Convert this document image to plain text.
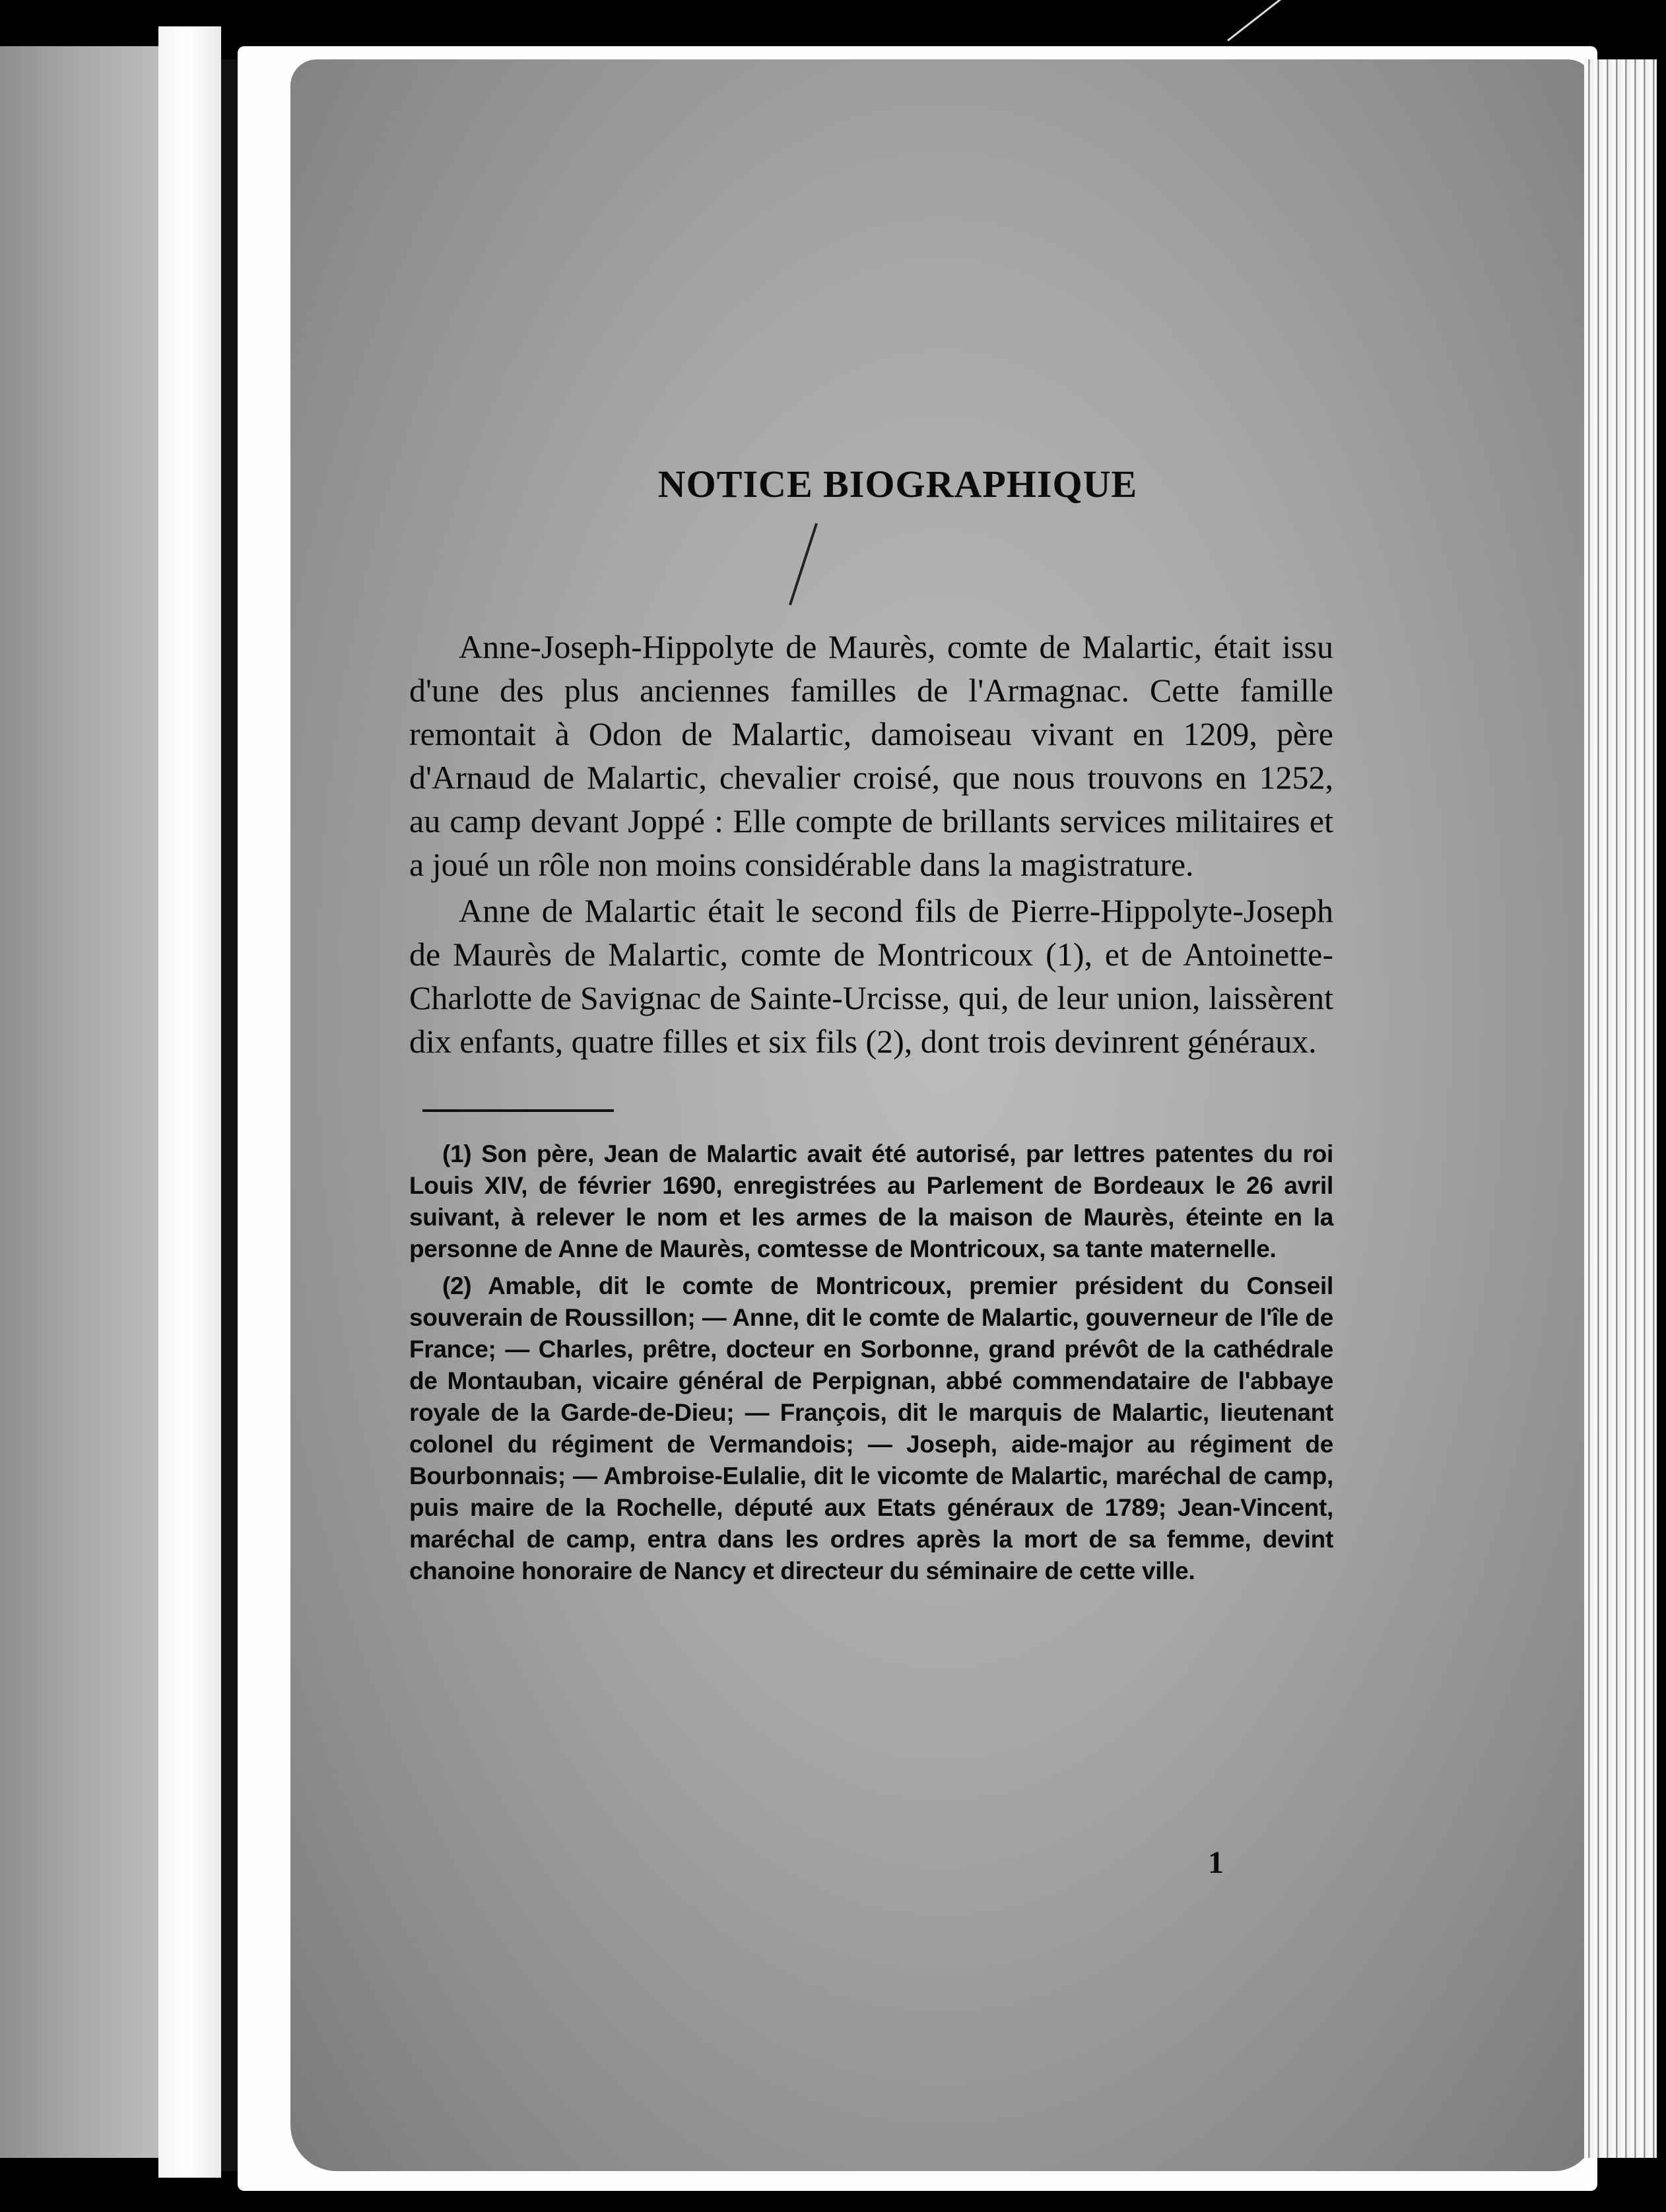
NOTICE BIOGRAPHIQUE

Anne-Joseph-Hippolyte de Maurès, comte de Malartic, était issu d'une des plus anciennes familles de l'Armagnac. Cette famille remontait à Odon de Malartic, damoiseau vivant en 1209, père d'Arnaud de Malartic, chevalier croisé, que nous trouvons en 1252, au camp devant Joppé : Elle compte de brillants services militaires et a joué un rôle non moins considérable dans la magistrature.

Anne de Malartic était le second fils de Pierre-Hippolyte-Joseph de Maurès de Malartic, comte de Montricoux (1), et de Antoinette-Charlotte de Savignac de Sainte-Urcisse, qui, de leur union, laissèrent dix enfants, quatre filles et six fils (2), dont trois devinrent généraux.

(1) Son père, Jean de Malartic avait été autorisé, par lettres patentes du roi Louis XIV, de février 1690, enregistrées au Parlement de Bordeaux le 26 avril suivant, à relever le nom et les armes de la maison de Maurès, éteinte en la personne de Anne de Maurès, comtesse de Montricoux, sa tante maternelle.

(2) Amable, dit le comte de Montricoux, premier président du Conseil souverain de Roussillon; — Anne, dit le comte de Malartic, gouverneur de l'île de France; — Charles, prêtre, docteur en Sorbonne, grand prévôt de la cathédrale de Montauban, vicaire général de Perpignan, abbé commendataire de l'abbaye royale de la Garde-de-Dieu; — François, dit le marquis de Malartic, lieutenant colonel du régiment de Vermandois; — Joseph, aide-major au régiment de Bourbonnais; — Ambroise-Eulalie, dit le vicomte de Malartic, maréchal de camp, puis maire de la Rochelle, député aux Etats généraux de 1789; Jean-Vincent, maréchal de camp, entra dans les ordres après la mort de sa femme, devint chanoine honoraire de Nancy et directeur du séminaire de cette ville.

1
